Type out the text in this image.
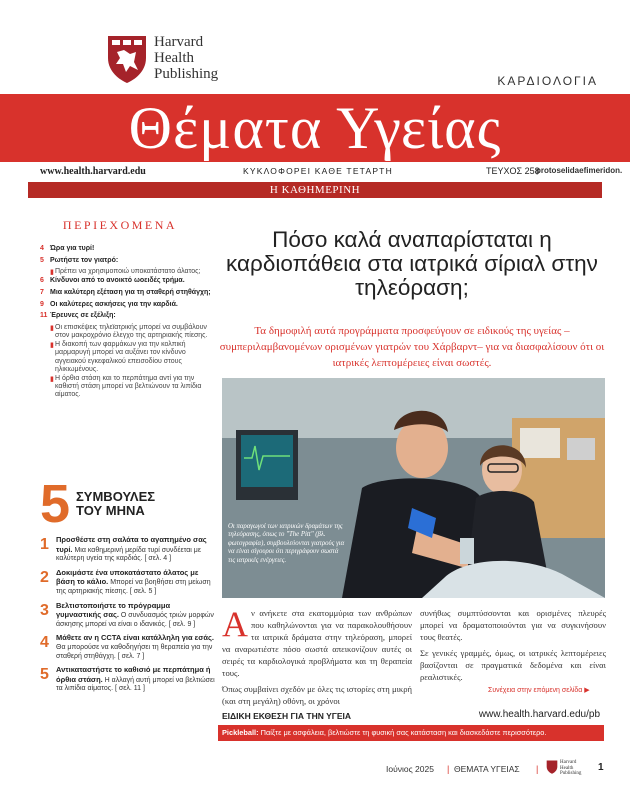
Harvard
Health
Publishing	ΚΑΡΔΙΟΛΟΓΙΑ
Θέματα Υγείας
www.health.harvard.edu	ΚΥΚΛΟΦΟΡΕΙ ΚΑΘΕ ΤΕΤΑΡΤΗ	ΤΕΥΧΟΣ 258
protoselidaefimeridon.
Η ΚΑΘΗΜΕΡΙΝΗ
ΠΕΡΙΕΧΟΜΕΝΑ
4 Ώρα για τυρί!
5 Ρωτήστε τον γιατρό:
▮ Πρέπει να χρησιμοποιώ υποκατάστατο άλατος;
6 Κίνδυνοι από το ανοικτό ωοειδές τρήμα.
7 Μια καλύτερη εξέταση για τη σταθερή στηθάγχη;
9 Οι καλύτερες ασκήσεις για την καρδιά.
11 Έρευνες σε εξέλιξη:
▮ Οι επισκέψεις τηλεϊατρικής μπορεί να συμβάλουν στον μακροχρόνιο έλεγχο της αρτηριακής πίεσης.
▮ Η διακοπή των φαρμάκων για την κολπική μαρμαρυγή μπορεί να αυξάνει τον κίνδυνο αγγειακού εγκεφαλικού επεισοδίου στους ηλικιωμένους.
▮ Η όρθια στάση και το περπάτημα αντί για την καθιστή στάση μπορεί να βελτιώνουν τα λιπίδια αίματος.
5 ΣΥΜΒΟΥΛΕΣ
ΤΟΥ ΜΗΝΑ
1 Προσθέστε στη σαλάτα το αγαπημένο σας τυρί. Μια καθημερινή μερίδα τυρί συνδέεται με καλύτερη υγεία της καρδιάς. [ σελ. 4 ]
2 Δοκιμάστε ένα υποκατάστατο άλατος με βάση το κάλιο. Μπορεί να βοηθήσει στη μείωση της αρτηριακής πίεσης. [ σελ. 5 ]
3 Βελτιστοποιήστε το πρόγραμμα γυμναστικής σας. Ο συνδυασμός τριών μορφών άσκησης μπορεί να είναι ο ιδανικός. [ σελ. 9 ]
4 Μάθετε αν η CCTA είναι κατάλληλη για εσάς. Θα μπορούσε να καθοδηγήσει τη θεραπεία για την σταθερή στηθάγχη. [ σελ. 7 ]
5 Αντικαταστήστε το καθισιό με περπάτημα ή όρθια στάση. Η αλλαγή αυτή μπορεί να βελτιώσει τα λιπίδια αίματος. [ σελ. 11 ]
Πόσο καλά αναπαρίσταται η καρδιοπάθεια στα ιατρικά σίριαλ στην τηλεόραση;
Τα δημοφιλή αυτά προγράμματα προσφεύγουν σε ειδικούς της υγείας –συμπεριλαμβανομένων ορισμένων γιατρών του Χάρβαρντ– για να διασφαλίσουν ότι οι ιατρικές λεπτομέρειες είναι σωστές.
Οι παραγωγοί των ιατρικών δραμάτων της τηλεόρασης, όπως το "The Pitt" (βλ. φωτογραφία), συμβουλεύονται γιατρούς για να είναι σίγουροι ότι περιγράφουν σωστά τις ιατρικές ενέργειες.

Αν ανήκετε στα εκατομμύρια των ανθρώπων που καθηλώνονται για να παρακολουθήσουν τα ιατρικά δράματα στην τηλεόραση, μπορεί να αναρωτιέστε πόσο σωστά απεικονίζουν αυτές οι σειρές τα καρδιολογικά προβλήματα και τη θεραπεία τους.

Όπως συμβαίνει σχεδόν με όλες τις ιστορίες στη μικρή (και στη μεγάλη) οθόνη, οι χρόνοι

συνήθως συμπτύσσονται και ορισμένες πλευρές μπορεί να δραματοποιούνται για να συγκινήσουν τους θεατές.

Σε γενικές γραμμές, όμως, οι ιατρικές λεπτομέρειες βασίζονται σε πραγματικά δεδομένα και είναι ρεαλιστικές.

Συνέχεια στην επόμενη σελίδα ▶
ΕΙΔΙΚΗ ΕΚΘΕΣΗ ΓΙΑ ΤΗΝ ΥΓΕΙΑ	www.health.harvard.edu/pb
Pickleball: Παίξτε με ασφάλεια, βελτιώστε τη φυσική σας κατάσταση και διασκεδάστε περισσότερο.
Ιούνιος 2025 | ΘΕΜΑΤΑ ΥΓΕΙΑΣ |
Harvard
Health
Publishing
1
